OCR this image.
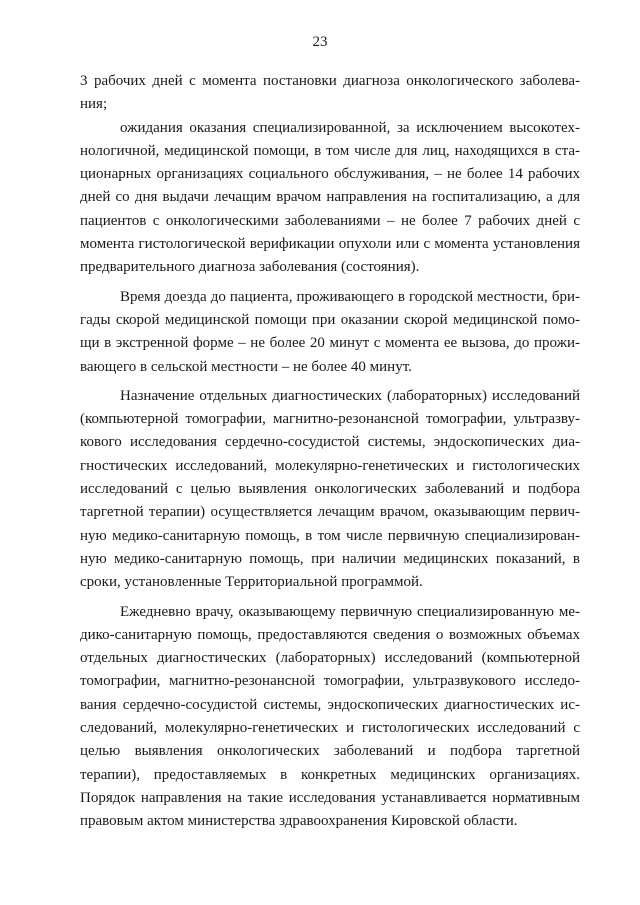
23

3 рабочих дней с момента постановки диагноза онкологического заболевания;

ожидания оказания специализированной, за исключением высокотехнологичной, медицинской помощи, в том числе для лиц, находящихся в стационарных организациях социального обслуживания, – не более 14 рабочих дней со дня выдачи лечащим врачом направления на госпитализацию, а для пациентов с онкологическими заболеваниями – не более 7 рабочих дней с момента гистологической верификации опухоли или с момента установления предварительного диагноза заболевания (состояния).

Время доезда до пациента, проживающего в городской местности, бригады скорой медицинской помощи при оказании скорой медицинской помощи в экстренной форме – не более 20 минут с момента ее вызова, до проживающего в сельской местности – не более 40 минут.

Назначение отдельных диагностических (лабораторных) исследований (компьютерной томографии, магнитно-резонансной томографии, ультразвукового исследования сердечно-сосудистой системы, эндоскопических диагностических исследований, молекулярно-генетических и гистологических исследований с целью выявления онкологических заболеваний и подбора таргетной терапии) осуществляется лечащим врачом, оказывающим первичную медико-санитарную помощь, в том числе первичную специализированную медико-санитарную помощь, при наличии медицинских показаний, в сроки, установленные Территориальной программой.

Ежедневно врачу, оказывающему первичную специализированную медико-санитарную помощь, предоставляются сведения о возможных объемах отдельных диагностических (лабораторных) исследований (компьютерной томографии, магнитно-резонансной томографии, ультразвукового исследования сердечно-сосудистой системы, эндоскопических диагностических исследований, молекулярно-генетических и гистологических исследований с целью выявления онкологических заболеваний и подбора таргетной терапии), предоставляемых в конкретных медицинских организациях. Порядок направления на такие исследования устанавливается нормативным правовым актом министерства здравоохранения Кировской области.
